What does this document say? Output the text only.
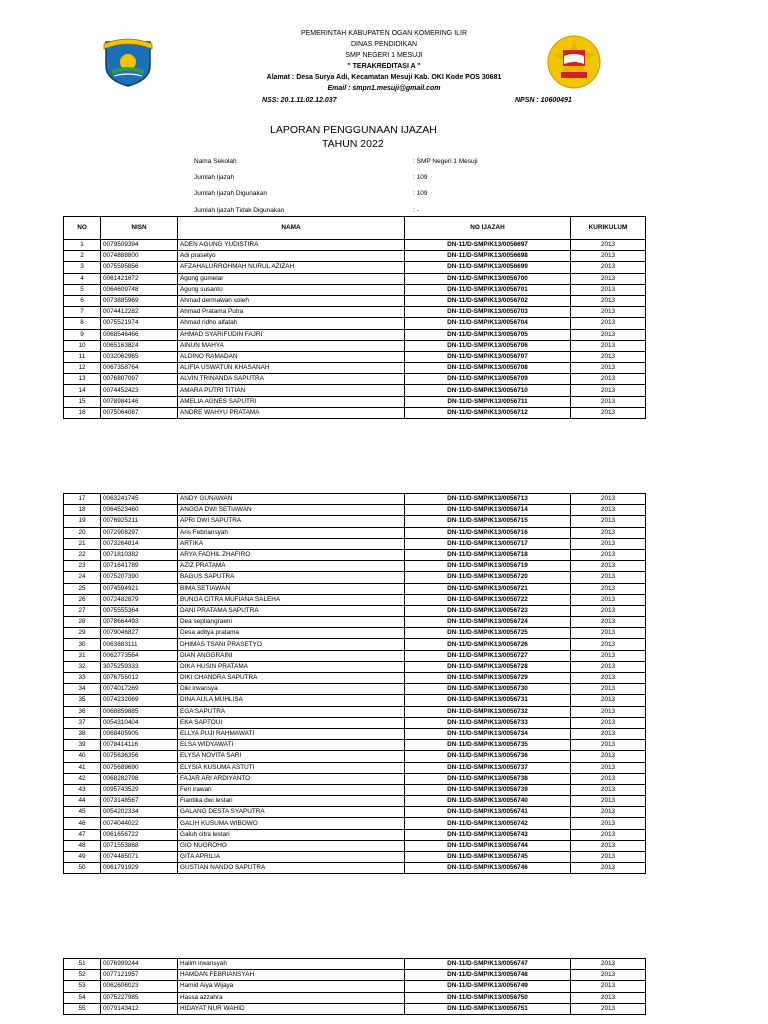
PEMERINTAH KABUPATEN OGAN KOMERING ILIR
DINAS PENDIDIKAN
SMP NEGERI 1 MESUJI
" TERAKREDITASI A "
Alamat : Desa Surya Adi, Kecamatan Mesuji Kab. OKI Kode POS 30681
Email : smpn1.mesuji@gmail.com
NSS: 20.1.11.02.12.037	NPSN : 10600491
LAPORAN PENGGUNAAN IJAZAH
TAHUN 2022
Nama Sekolah	: SMP Negeri 1 Mesuji
Jumlah Ijazah	: 109
Jumlah Ijazah Digunakan	: 109
Jumlah Ijazah Tidak Digunakan	: -
NO	NISN	NAMA	NO IJAZAH	KURIKULUM
1	0079509394	ADEN AGUNG YUDISTIRA	DN-11/D-SMP/K13/0056697	2013
2	0074888800	Adi prasetyo	DN-11/D-SMP/K13/0056698	2013
3	0075595856	AFZAHALURROHMAH NURUL AZIZAH	DN-11/D-SMP/K13/0056699	2013
4	0061421672	Agung gumelar	DN-11/D-SMP/K13/0056700	2013
5	0064609748	Agung susanto	DN-11/D-SMP/K13/0056701	2013
6	0073885969	Ahmad dermawan soleh	DN-11/D-SMP/K13/0056702	2013
7	0074412282	Ahmad Pratama Putra	DN-11/D-SMP/K13/0056703	2013
8	0075521974	Ahmad ridho alfatah	DN-11/D-SMP/K13/0056704	2013
9	0068546466	AHMAD SYARIFUDIN FAJRI	DN-11/D-SMP/K13/0056705	2013
10	0065163824	AINUN MAHYA	DN-11/D-SMP/K13/0056706	2013
11	0032062965	ALDINO RAMADAN	DN-11/D-SMP/K13/0056707	2013
12	0067358764	ALIFIA USWATUN KHASANAH	DN-11/D-SMP/K13/0056708	2013
13	0076807097	ALVIN TRINANDA SAPUTRA	DN-11/D-SMP/K13/0056709	2013
14	0074452423	AMARA PUTRI TITIAN	DN-11/D-SMP/K13/0056710	2013
15	0078984146	AMELIA AGNES SAPUTRI	DN-11/D-SMP/K13/0056711	2013
16	0075064087	ANDRE WAHYU PRATAMA	DN-11/D-SMP/K13/0056712	2013
17	0063241745	ANDY GUNAWAN	DN-11/D-SMP/K13/0056713	2013
18	0064523460	ANGGA DWI SETIAWAN	DN-11/D-SMP/K13/0056714	2013
19	0076925211	APRI DWI SAPUTRA	DN-11/D-SMP/K13/0056715	2013
20	0072908297	Aris Febriansyah	DN-11/D-SMP/K13/0056716	2013
21	0073264814	ARTIKA	DN-11/D-SMP/K13/0056717	2013
22	0071810382	ARYA FADHIL ZHAFIRO	DN-11/D-SMP/K13/0056718	2013
23	0071641789	AZIZ PRATAMA	DN-11/D-SMP/K13/0056719	2013
24	0075207390	BAGUS SAPUTRA	DN-11/D-SMP/K13/0056720	2013
25	0074594921	BIMA SETIAWAN	DN-11/D-SMP/K13/0056721	2013
26	0072482879	BUNGA CITRA MUFIANA SALEHA	DN-11/D-SMP/K13/0056722	2013
27	0075555364	DANI PRATAMA SAPUTRA	DN-11/D-SMP/K13/0056723	2013
28	0078664493	Dea septiangraeni	DN-11/D-SMP/K13/0056724	2013
29	0079046827	Desa aditya pratama	DN-11/D-SMP/K13/0056725	2013
30	0063883111	DHIMAS TSANI PRASETYO	DN-11/D-SMP/K13/0056726	2013
31	0062773564	DIAN ANGGRAINI	DN-11/D-SMP/K13/0056727	2013
32	3075259333	DIKA HUSIN PRATAMA	DN-11/D-SMP/K13/0056728	2013
33	0076755012	DIKI CHANDRA SAPUTRA	DN-11/D-SMP/K13/0056729	2013
34	0074017269	Diki irwansya	DN-11/D-SMP/K13/0056730	2013
35	0074232069	DINA AULA MUHLISA	DN-11/D-SMP/K13/0056731	2013
36	0068859885	EGA SAPUTRA	DN-11/D-SMP/K13/0056732	2013
37	0054310404	EKA SAPTOUI	DN-11/D-SMP/K13/0056733	2013
38	0068405905	ELLYA PUJI RAHMAWATI	DN-11/D-SMP/K13/0056734	2013
39	0078414116	ELSA WIDYAWATI	DN-11/D-SMP/K13/0056735	2013
40	0075636356	ELYSA NOVITA SARI	DN-11/D-SMP/K13/0056736	2013
41	0075689690	ELYSIA KUSUMA ASTUTI	DN-11/D-SMP/K13/0056737	2013
42	0068282798	FAJAR ARI ARDIYANTO	DN-11/D-SMP/K13/0056738	2013
43	0095743529	Feri irawan	DN-11/D-SMP/K13/0056739	2013
44	0073148567	Fiantika dwi lestari	DN-11/D-SMP/K13/0056740	2013
45	0054202334	GALANG DESTA SYAPUTRA	DN-11/D-SMP/K13/0056741	2013
46	0074044022	GALIH KUSUMA WIBOWO	DN-11/D-SMP/K13/0056742	2013
47	0061656722	Galuh citra lestari	DN-11/D-SMP/K13/0056743	2013
48	0071553868	GIO NUGROHO	DN-11/D-SMP/K13/0056744	2013
49	0074485071	GITA APRILIA	DN-11/D-SMP/K13/0056745	2013
50	0061791929	GUSTIAN NANDO SAPUTRA	DN-11/D-SMP/K13/0056746	2013
51	0076999244	Halim irwansyah	DN-11/D-SMP/K13/0056747	2013
52	0077121957	HAMDAN FEBRIANSYAH	DN-11/D-SMP/K13/0056748	2013
53	0062606023	Hamid Aiya Wijaya	DN-11/D-SMP/K13/0056749	2013
54	0075227985	Hassa azzahra	DN-11/D-SMP/K13/0056750	2013
55	0079143412	HIDAYAT NUR WAHID	DN-11/D-SMP/K13/0056751	2013
